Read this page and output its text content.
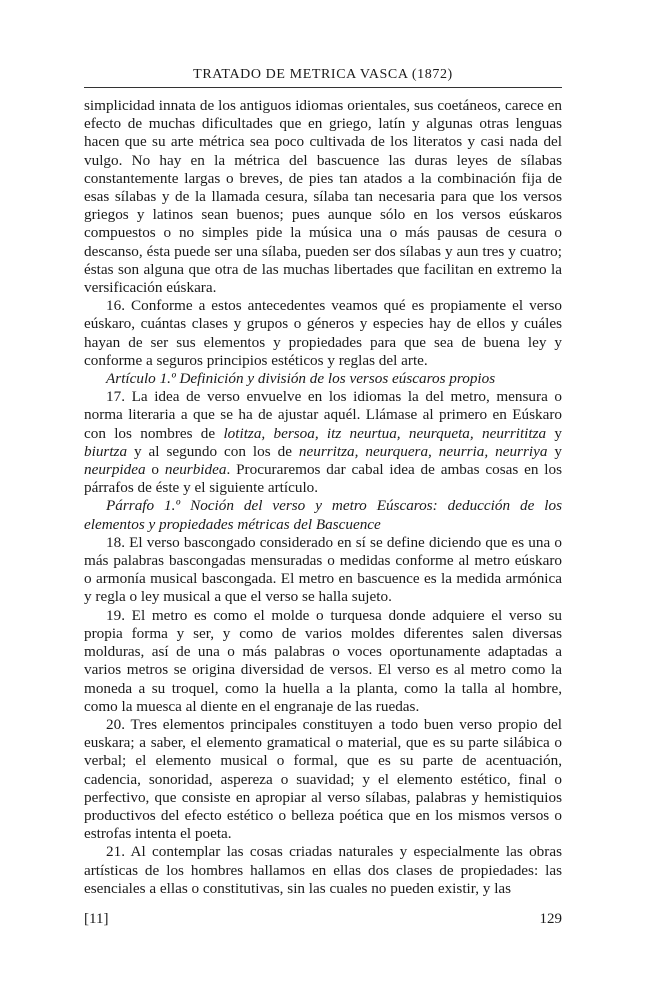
TRATADO DE METRICA VASCA (1872)

simplicidad innata de los antiguos idiomas orientales, sus coetáneos, carece en efecto de muchas dificultades que en griego, latín y algunas otras lenguas hacen que su arte métrica sea poco cultivada de los literatos y casi nada del vulgo. No hay en la métrica del bascuence las duras leyes de sílabas constantemente largas o breves, de pies tan atados a la combinación fija de esas sílabas y de la llamada cesura, sílaba tan necesaria para que los versos griegos y latinos sean buenos; pues aunque sólo en los versos eúskaros compuestos o no simples pide la música una o más pausas de cesura o descanso, ésta puede ser una sílaba, pueden ser dos sílabas y aun tres y cuatro; éstas son alguna que otra de las muchas libertades que facilitan en extremo la versificación eúskara.

16. Conforme a estos antecedentes veamos qué es propiamente el verso eúskaro, cuántas clases y grupos o géneros y especies hay de ellos y cuáles hayan de ser sus elementos y propiedades para que sea de buena ley y conforme a seguros principios estéticos y reglas del arte.

Artículo 1.º Definición y división de los versos eúscaros propios

17. La idea de verso envuelve en los idiomas la del metro, mensura o norma literaria a que se ha de ajustar aquél. Llámase al primero en Eúskaro con los nombres de lotitza, bersoa, itz neurtua, neurqueta, neurrititza y biurtza y al segundo con los de neurritza, neurquera, neurria, neurriya y neurpidea o neurbidea. Procuraremos dar cabal idea de ambas cosas en los párrafos de éste y el siguiente artículo.

Párrafo 1.º Noción del verso y metro Eúscaros: deducción de los elementos y propiedades métricas del Bascuence

18. El verso bascongado considerado en sí se define diciendo que es una o más palabras bascongadas mensuradas o medidas conforme al metro eúskaro o armonía musical bascongada. El metro en bascuence es la medida armónica y regla o ley musical a que el verso se halla sujeto.

19. El metro es como el molde o turquesa donde adquiere el verso su propia forma y ser, y como de varios moldes diferentes salen diversas molduras, así de una o más palabras o voces oportunamente adaptadas a varios metros se origina diversidad de versos. El verso es al metro como la moneda a su troquel, como la huella a la planta, como la talla al hombre, como la muesca al diente en el engranaje de las ruedas.

20. Tres elementos principales constituyen a todo buen verso propio del euskara; a saber, el elemento gramatical o material, que es su parte silábica o verbal; el elemento musical o formal, que es su parte de acentuación, cadencia, sonoridad, aspereza o suavidad; y el elemento estético, final o perfectivo, que consiste en apropiar al verso sílabas, palabras y hemistiquios productivos del efecto estético o belleza poética que en los mismos versos o estrofas intenta el poeta.

21. Al contemplar las cosas criadas naturales y especialmente las obras artísticas de los hombres hallamos en ellas dos clases de propiedades: las esenciales a ellas o constitutivas, sin las cuales no pueden existir, y las

[11]	129
